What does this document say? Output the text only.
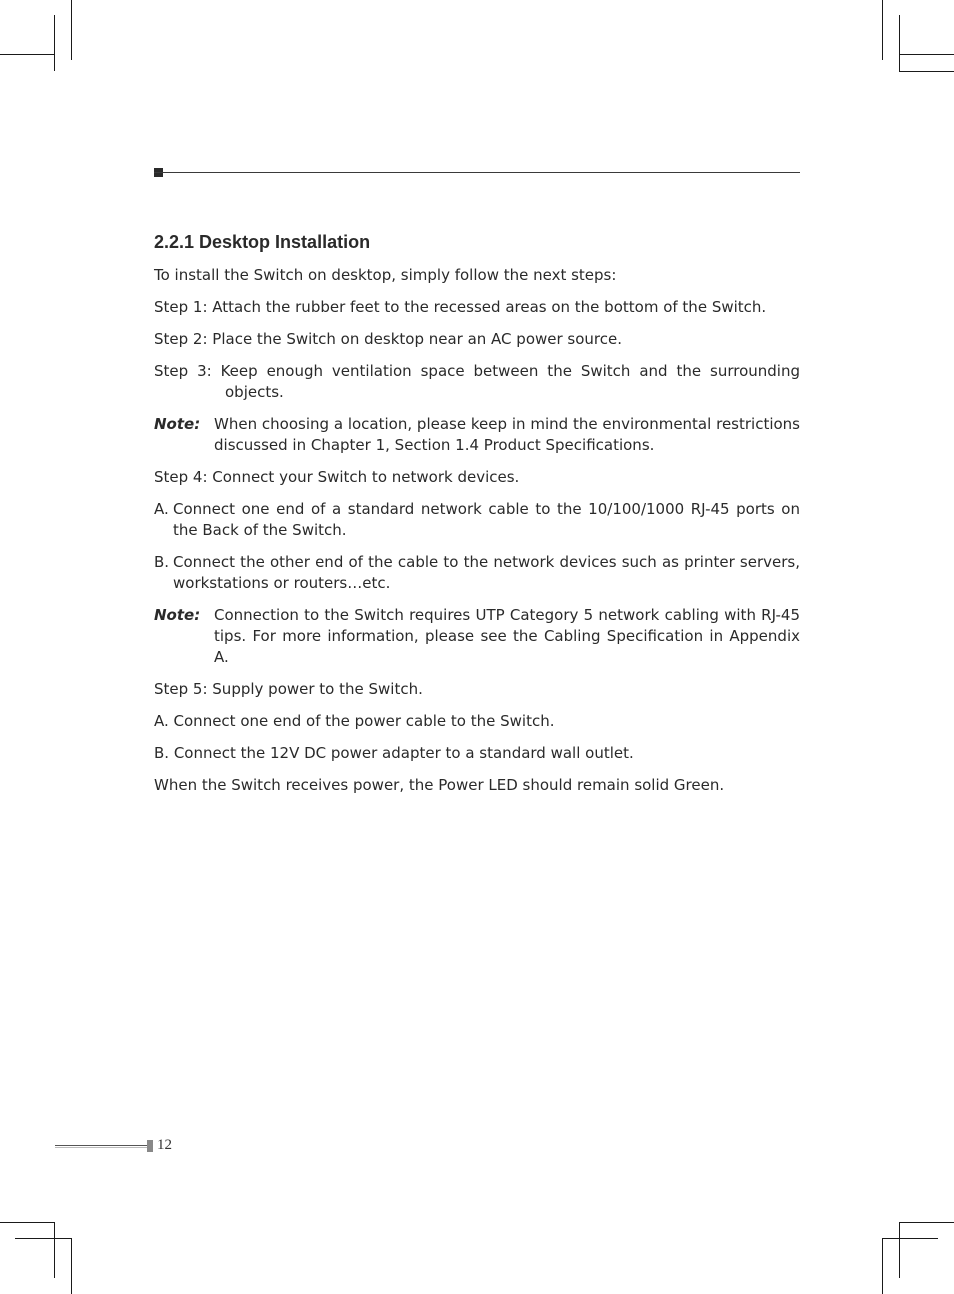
2.2.1 Desktop Installation

To install the Switch on desktop, simply follow the next steps:

Step 1: Attach the rubber feet to the recessed areas on the bottom of the Switch.

Step 2: Place the Switch on desktop near an AC power source.

Step 3: Keep enough ventilation space between the Switch and the surrounding objects.

Note: When choosing a location, please keep in mind the environmental restrictions discussed in Chapter 1, Section 1.4 Product Specifications.

Step 4: Connect your Switch to network devices.

A. Connect one end of a standard network cable to the 10/100/1000 RJ-45 ports on the Back of the Switch.
B. Connect the other end of the cable to the network devices such as printer servers, workstations or routers…etc.
Note: Connection to the Switch requires UTP Category 5 network cabling with RJ-45 tips. For more information, please see the Cabling Specification in Appendix A.

Step 5: Supply power to the Switch.

A. Connect one end of the power cable to the Switch.

B. Connect the 12V DC power adapter to a standard wall outlet.

When the Switch receives power, the Power LED should remain solid Green.

12
